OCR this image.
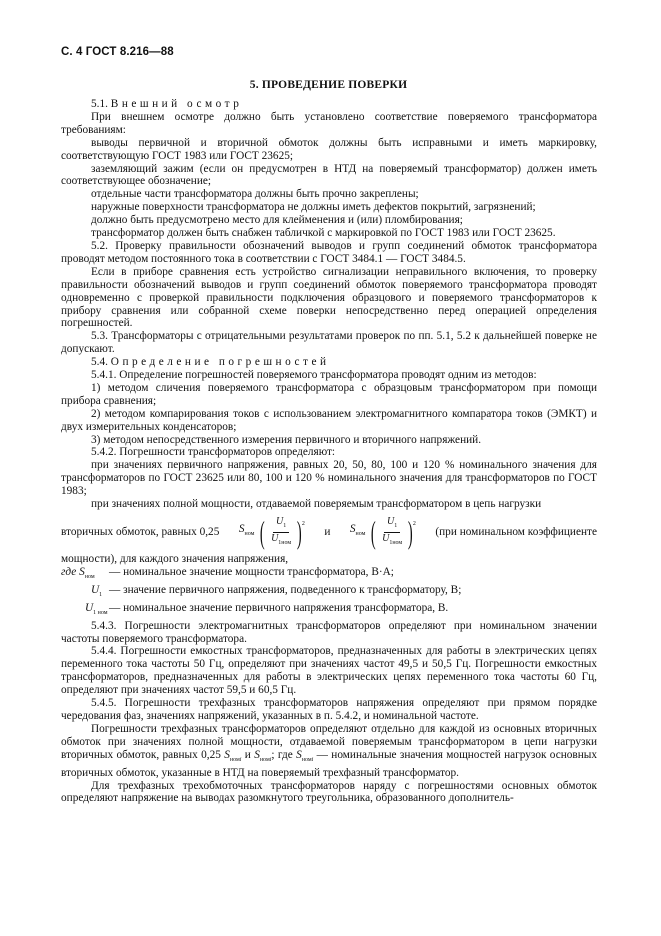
С. 4 ГОСТ 8.216—88
5. ПРОВЕДЕНИЕ ПОВЕРКИ

5.1. Внешний осмотр

При внешнем осмотре должно быть установлено соответствие поверяемого трансформатора требованиям:

выводы первичной и вторичной обмоток должны быть исправными и иметь маркировку, соответствующую ГОСТ 1983 или ГОСТ 23625;

заземляющий зажим (если он предусмотрен в НТД на поверяемый трансформатор) должен иметь соответствующее обозначение;

отдельные части трансформатора должны быть прочно закреплены;

наружные поверхности трансформатора не должны иметь дефектов покрытий, загрязнений;

должно быть предусмотрено место для клейменения и (или) пломбирования;

трансформатор должен быть снабжен табличкой с маркировкой по ГОСТ 1983 или ГОСТ 23625.

5.2. Проверку правильности обозначений выводов и групп соединений обмоток трансформатора проводят методом постоянного тока в соответствии с ГОСТ 3484.1 — ГОСТ 3484.5.

Если в приборе сравнения есть устройство сигнализации неправильного включения, то проверку правильности обозначений выводов и групп соединений обмоток поверяемого трансформатора проводят одновременно с проверкой правильности подключения образцового и поверяемого трансформаторов к прибору сравнения или собранной схеме поверки непосредственно перед операцией определения погрешностей.

5.3. Трансформаторы с отрицательными результатами проверок по пп. 5.1, 5.2 к дальнейшей поверке не допускают.

5.4. Определение погрешностей

5.4.1. Определение погрешностей поверяемого трансформатора проводят одним из методов:

1) методом сличения поверяемого трансформатора с образцовым трансформатором при помощи прибора сравнения;

2) методом компарирования токов с использованием электромагнитного компаратора токов (ЭМКТ) и двух измерительных конденсаторов;

3) методом непосредственного измерения первичного и вторичного напряжений.

5.4.2. Погрешности трансформаторов определяют:

при значениях первичного напряжения, равных 20, 50, 80, 100 и 120 % номинального значения для трансформаторов по ГОСТ 23625 или 80, 100 и 120 % номинального значения для трансформаторов по ГОСТ 1983;

при значениях полной мощности, отдаваемой поверяемым трансформатором в цепь нагрузки

вторичных обмоток, равных 0,25 $S_{ном}$ ( $\frac{U_1}{U_{1ном}}$ ) 2
и $S_{ном}$ ( $\frac{U_1}{U_{1ном}}$ ) 2
(при номинальном коэффициенте

мощности), для каждого значения напряжения,

где $S_{ном}$	— номинальное значение мощности трансформатора, В·А;
$U_1$ — значение первичного напряжения, подведенного к трансформатору, В;
$U_{1 ном}$ — номинальное значение первичного напряжения трансформатора, В.

5.4.3. Погрешности электромагнитных трансформаторов определяют при номинальном значении частоты поверяемого трансформатора.

5.4.4. Погрешности емкостных трансформаторов, предназначенных для работы в электрических цепях переменного тока частоты 50 Гц, определяют при значениях частот 49,5 и 50,5 Гц. Погрешности емкостных трансформаторов, предназначенных для работы в электрических цепях переменного тока частоты 60 Гц, определяют при значениях частот 59,5 и 60,5 Гц.

5.4.5. Погрешности трехфазных трансформаторов напряжения определяют при прямом порядке чередования фаз, значениях напряжений, указанных в п. 5.4.2, и номинальной частоте.

Погрешности трехфазных трансформаторов определяют отдельно для каждой из основных вторичных обмоток при значениях полной мощности, отдаваемой поверяемым трансформатором в цепи нагрузки вторичных обмоток, равных 0,25 $S_{номi}$ и $S_{номi}$; где $S_{номi}$ — номинальные значения мощностей нагрузок основных вторичных обмоток, указанные в НТД на поверяемый трехфазный трансформатор.

Для трехфазных трехобмоточных трансформаторов наряду с погрешностями основных обмоток определяют напряжение на выводах разомкнутого треугольника, образованного дополнитель-
